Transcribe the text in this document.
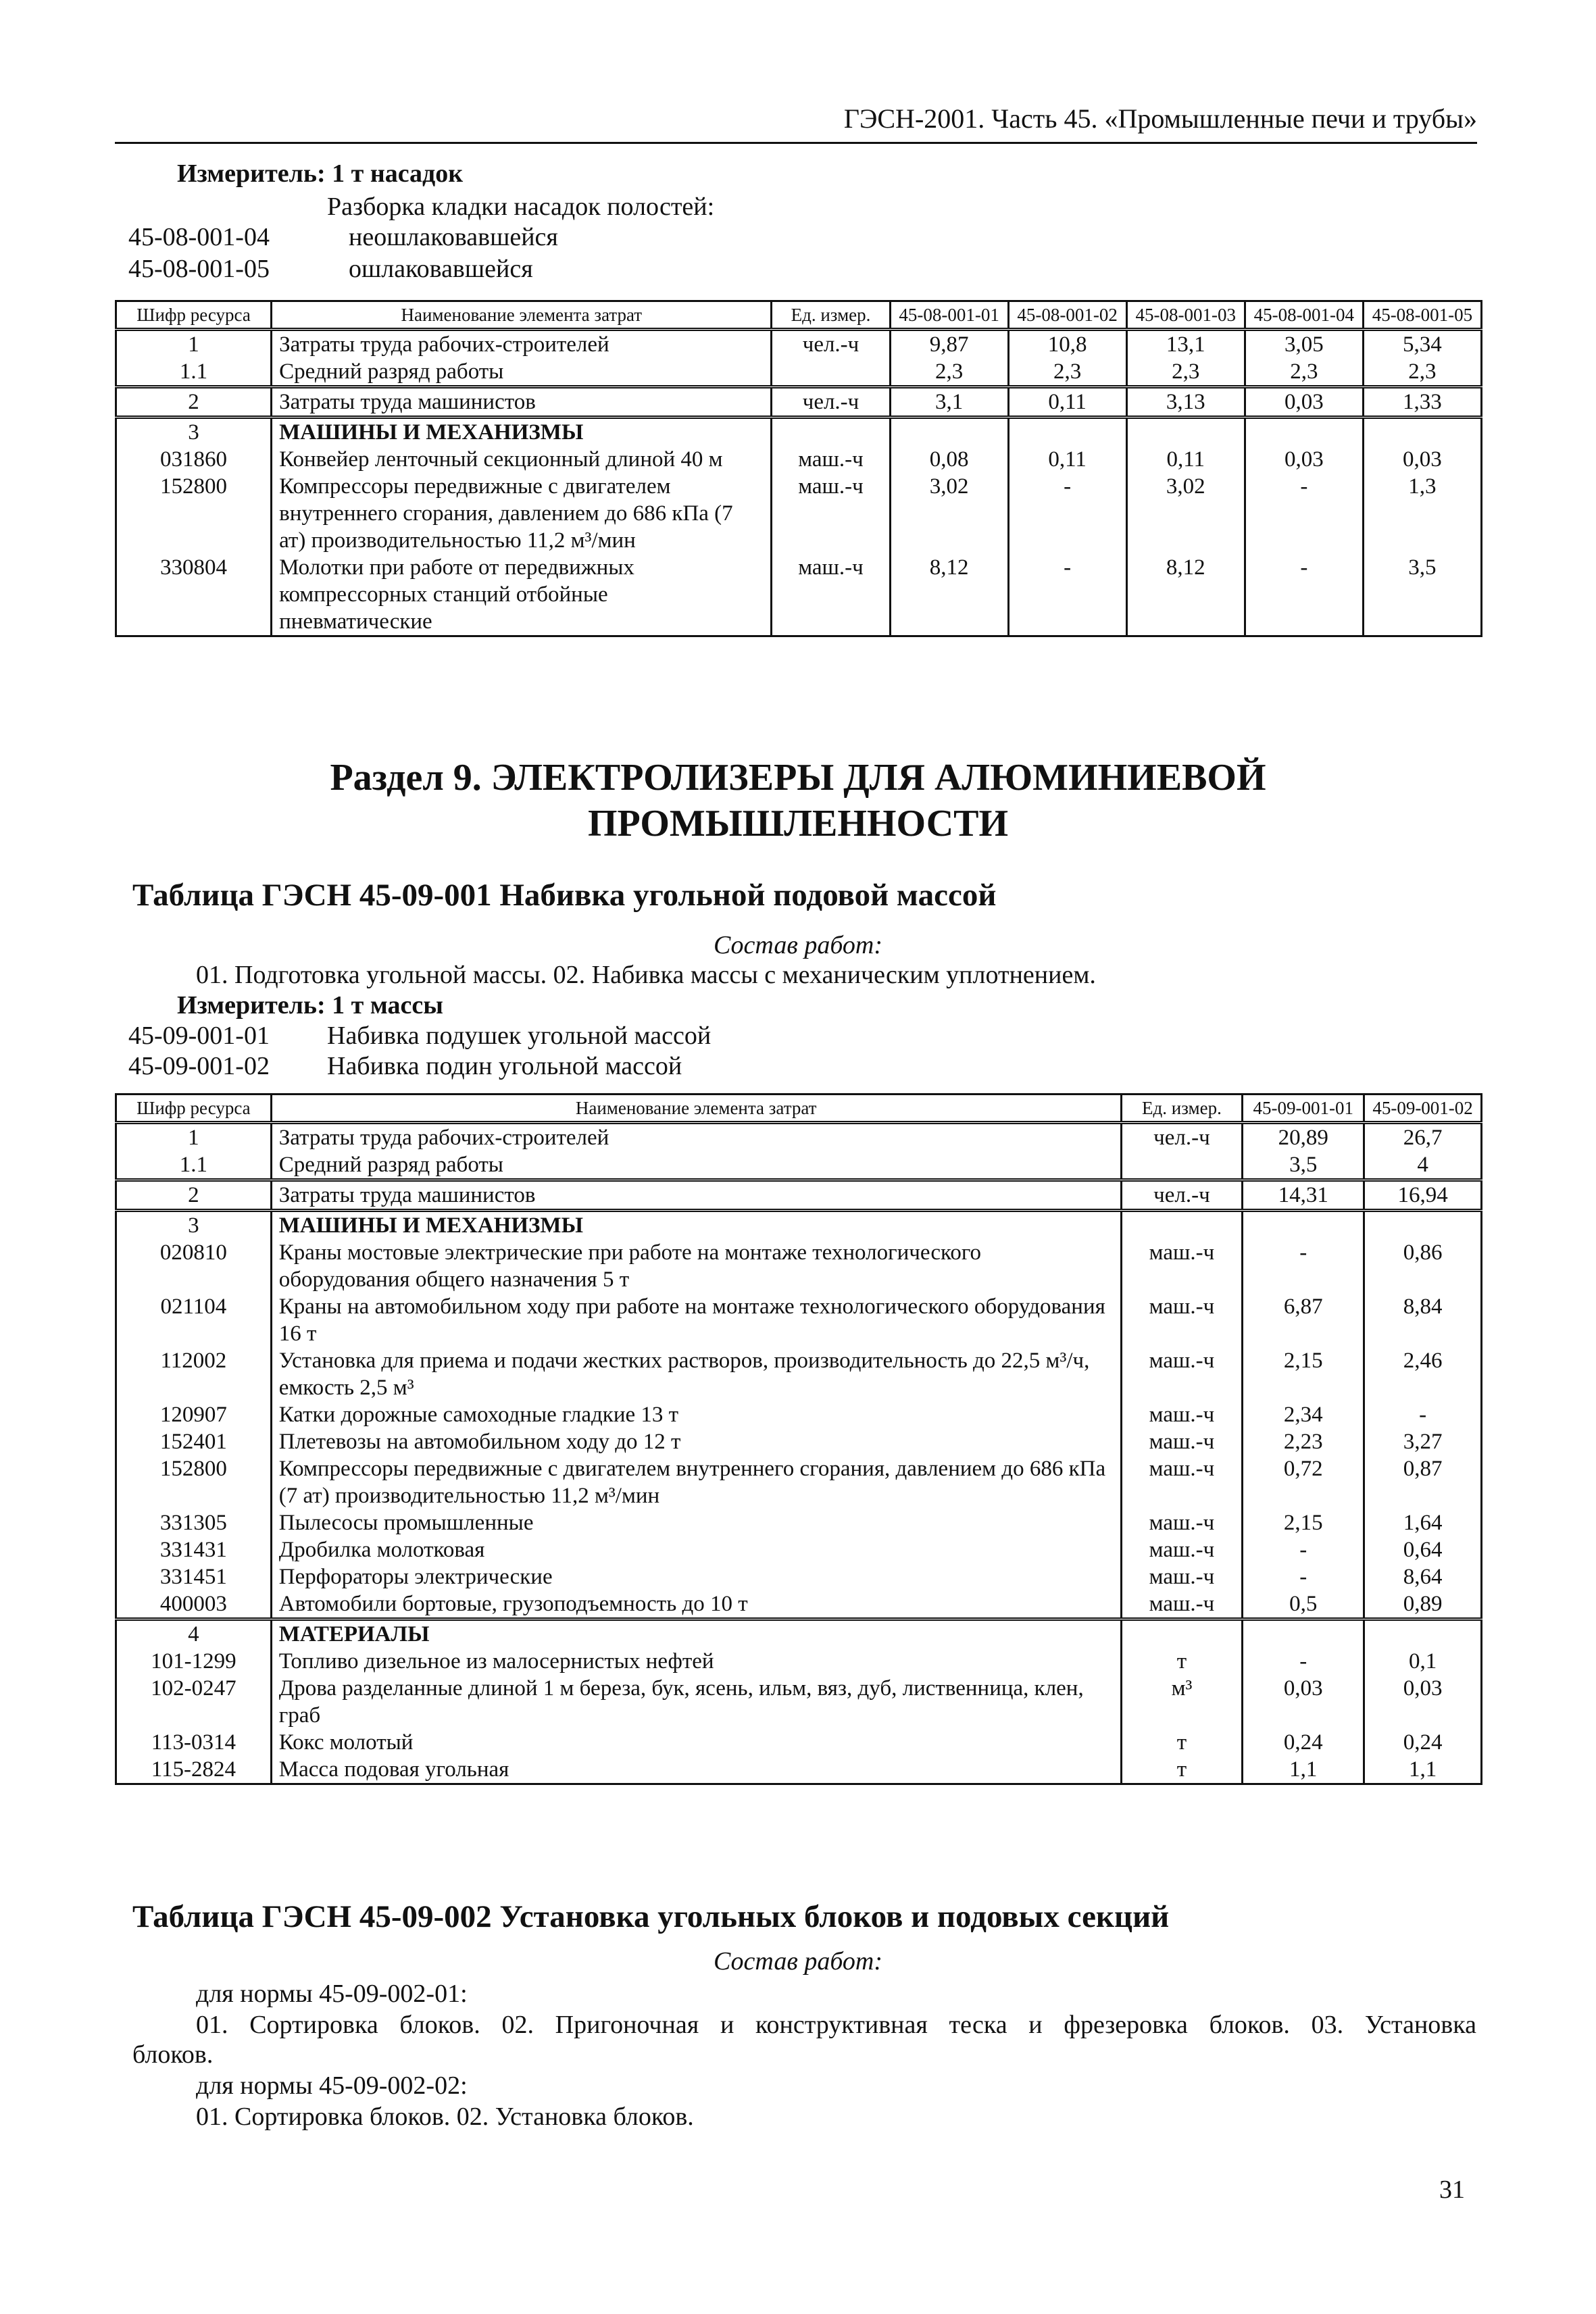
ГЭСН-2001. Часть 45. «Промышленные печи и трубы»
Измеритель: 1 т насадок
Разборка кладки насадок полостей:
45-08-001-04	неошлаковавшейся
45-08-001-05	ошлаковавшейся
Шифр ресурса	Наименование элемента затрат	Ед. измер.	45-08-001-01	45-08-001-02	45-08-001-03	45-08-001-04	45-08-001-05
1	Затраты труда рабочих-строителей	чел.-ч	9,87	10,8	13,1	3,05	5,34
1.1	Средний разряд работы		2,3	2,3	2,3	2,3	2,3
2	Затраты труда машинистов	чел.-ч	3,1	0,11	3,13	0,03	1,33
3	МАШИНЫ И МЕХАНИЗМЫ						
031860	Конвейер ленточный секционный длиной 40 м	маш.-ч	0,08	0,11	0,11	0,03	0,03
152800	Компрессоры передвижные с двигателем внутреннего сгорания, давлением до 686 кПа (7 ат) производительностью 11,2 м³/мин	маш.-ч	3,02	-	3,02	-	1,3
330804	Молотки при работе от передвижных компрессорных станций отбойные пневматические	маш.-ч	8,12	-	8,12	-	3,5
Раздел 9. ЭЛЕКТРОЛИЗЕРЫ ДЛЯ АЛЮМИНИЕВОЙ
ПРОМЫШЛЕННОСТИ
Таблица ГЭСН 45-09-001 Набивка угольной подовой массой
Состав работ:
01. Подготовка угольной массы. 02. Набивка массы с механическим уплотнением.
Измеритель: 1 т массы
45-09-001-01 Набивка подушек угольной массой
45-09-001-02 Набивка подин угольной массой
Шифр ресурса	Наименование элемента затрат	Ед. измер.	45-09-001-01	45-09-001-02
1	Затраты труда рабочих-строителей	чел.-ч	20,89	26,7
1.1	Средний разряд работы		3,5	4
2	Затраты труда машинистов	чел.-ч	14,31	16,94
3	МАШИНЫ И МЕХАНИЗМЫ			
020810	Краны мостовые электрические при работе на монтаже технологического оборудования общего назначения 5 т	маш.-ч	-	0,86
021104	Краны на автомобильном ходу при работе на монтаже технологического оборудования 16 т	маш.-ч	6,87	8,84
112002	Установка для приема и подачи жестких растворов, производительность до 22,5 м³/ч, емкость 2,5 м³	маш.-ч	2,15	2,46
120907	Катки дорожные самоходные гладкие 13 т	маш.-ч	2,34	-
152401	Плетевозы на автомобильном ходу до 12 т	маш.-ч	2,23	3,27
152800	Компрессоры передвижные с двигателем внутреннего сгорания, давлением до 686 кПа (7 ат) производительностью 11,2 м³/мин	маш.-ч	0,72	0,87
331305	Пылесосы промышленные	маш.-ч	2,15	1,64
331431	Дробилка молотковая	маш.-ч	-	0,64
331451	Перфораторы электрические	маш.-ч	-	8,64
400003	Автомобили бортовые, грузоподъемность до 10 т	маш.-ч	0,5	0,89
4	МАТЕРИАЛЫ			
101-1299	Топливо дизельное из малосернистых нефтей	т	-	0,1
102-0247	Дрова разделанные длиной 1 м береза, бук, ясень, ильм, вяз, дуб, лиственница, клен, граб	м³	0,03	0,03
113-0314	Кокс молотый	т	0,24	0,24
115-2824	Масса подовая угольная	т	1,1	1,1
Таблица ГЭСН 45-09-002 Установка угольных блоков и подовых секций
Состав работ:
для нормы 45-09-002-01:
01. Сортировка блоков. 02. Пригоночная и конструктивная теска и фрезеровка блоков. 03. Установка
блоков.
для нормы 45-09-002-02:
01. Сортировка блоков. 02. Установка блоков.
31
